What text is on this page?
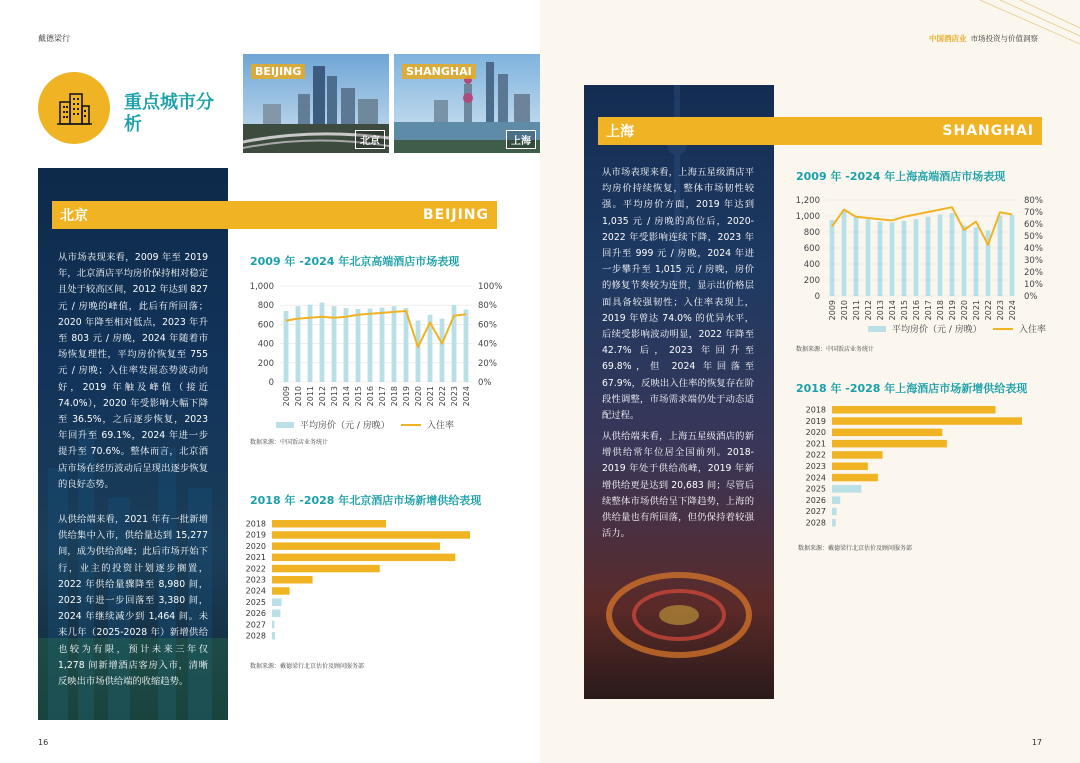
戴德梁行
重点城市分析
BEIJING
北京
SHANGHAI
上海
从市场表现来看，2009 年至 2019 年，北京酒店平均房价保持相对稳定且处于较高区间，2012 年达到 827 元 / 房晚的峰值，此后有所回落；2020 年降至相对低点，2023 年升至 803 元 / 房晚，2024 年随着市场恢复理性，平均房价恢复至 755 元 / 房晚；入住率发展态势波动向好，2019 年触及峰值（接近 74.0%），2020 年受影响大幅下降至 36.5%，之后逐步恢复，2023 年回升至 69.1%，2024 年进一步提升至 70.6%。整体而言，北京酒店市场在经历波动后呈现出逐步恢复的良好态势。
从供给端来看，2021 年有一批新增供给集中入市，供给量达到 15,277 间，成为供给高峰；此后市场开始下行，业主的投资计划逐步搁置，2022 年供给量骤降至 8,980 间，2023 年进一步回落至 3,380 间，2024 年继续减少到 1,464 间。未来几年（2025-2028 年）新增供给也较为有限，预计未来三年仅 1,278 间新增酒店客房入市，清晰反映出市场供给端的收缩趋势。
北京	BEIJING
2009 年 -2024 年北京高端酒店市场表现
0
200
400
600
800
1,000
0%
20%
40%
60%
80%
100%
2009 2010 2011 2012 2013 2014 2015 2016 2017 2018 2019 2020 2021 2022 2023 2024
平均房价（元 / 房晚）	入住率
数据来源：中国饭店业务统计
2018 年 -2028 年北京酒店市场新增供给表现
2018
2019
2020
2021
2022
2023
2024
2025
2026
2027
2028
数据来源：戴德梁行北京估价及顾问服务部
16
中国酒店业 市场投资与价值洞察
从市场表现来看，上海五星级酒店平均房价持续恢复，整体市场韧性较强。平均房价方面，2019 年达到 1,035 元 / 房晚的高位后，2020-2022 年受影响连续下降，2023 年回升至 999 元 / 房晚，2024 年进一步攀升至 1,015 元 / 房晚，房价的修复节奏较为连贯，显示出价格层面具备较强韧性；入住率表现上，2019 年曾达 74.0% 的优异水平，后续受影响波动明显，2022 年降至 42.7% 后，2023 年回升至 69.8%，但 2024 年回落至 67.9%，反映出入住率的恢复存在阶段性调整，市场需求端仍处于动态适配过程。
从供给端来看，上海五星级酒店的新增供给常年位居全国前列。2018-2019 年处于供给高峰，2019 年新增供给更是达到 20,683 间；尽管后续整体市场供给呈下降趋势，上海的供给量也有所回落，但仍保持着较强活力。
上海	SHANGHAI
2009 年 -2024 年上海高端酒店市场表现
0
200
400
600
800
1,000
1,200
0%
10%
20%
30%
40%
50%
60%
70%
80%
2009 2010 2011 2012 2013 2014 2015 2016 2017 2018 2019 2020 2021 2022 2023 2024
平均房价（元 / 房晚）	入住率
数据来源：中国饭店业务统计
2018 年 -2028 年上海酒店市场新增供给表现
2018
2019
2020
2021
2022
2023
2024
2025
2026
2027
2028
数据来源：戴德梁行北京估价及顾问服务部
17
